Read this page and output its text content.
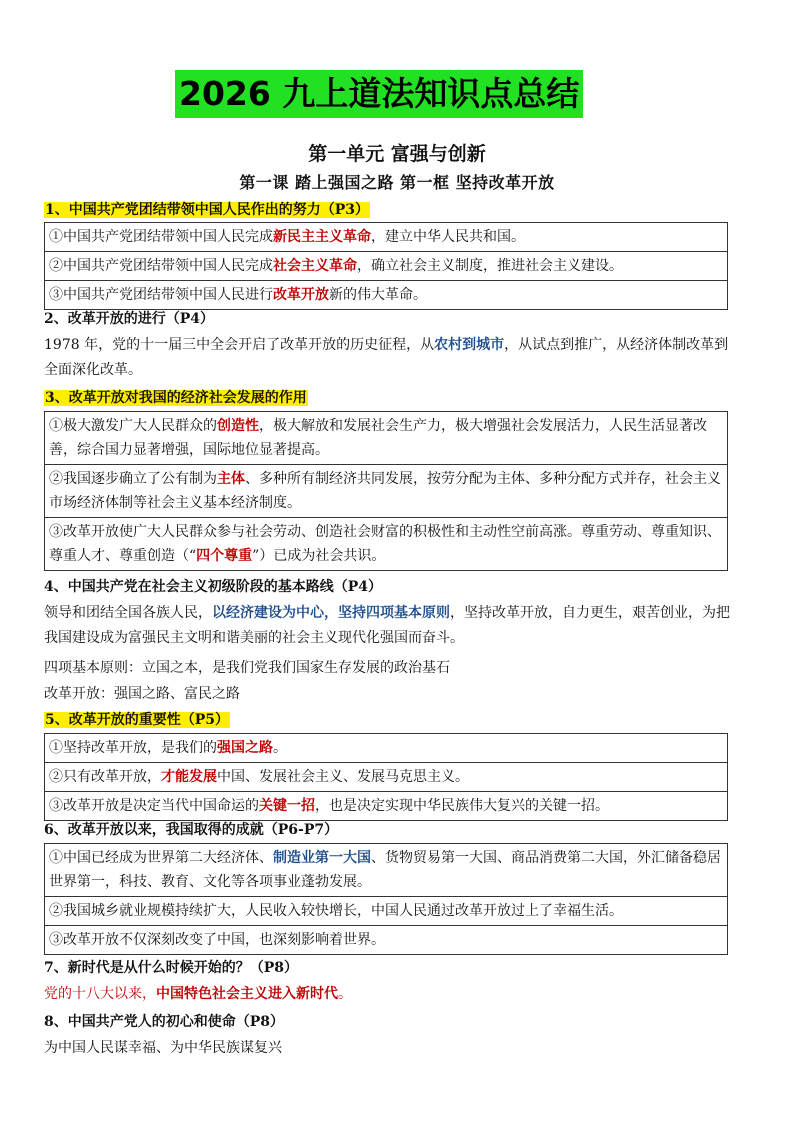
2026 九上道法知识点总结
第一单元 富强与创新
第一课 踏上强国之路 第一框 坚持改革开放
1、中国共产党团结带领中国人民作出的努力（P3）
①中国共产党团结带领中国人民完成新民主主义革命，建立中华人民共和国。
②中国共产党团结带领中国人民完成社会主义革命，确立社会主义制度，推进社会主义建设。
③中国共产党团结带领中国人民进行改革开放新的伟大革命。
2、改革开放的进行（P4）
1978 年，党的十一届三中全会开启了改革开放的历史征程，从农村到城市，从试点到推广，从经济体制改革到全面深化改革。
3、改革开放对我国的经济社会发展的作用
①极大激发广大人民群众的创造性，极大解放和发展社会生产力，极大增强社会发展活力，人民生活显著改善，综合国力显著增强，国际地位显著提高。
②我国逐步确立了公有制为主体、多种所有制经济共同发展，按劳分配为主体、多种分配方式并存，社会主义市场经济体制等社会主义基本经济制度。
③改革开放使广大人民群众参与社会劳动、创造社会财富的积极性和主动性空前高涨。尊重劳动、尊重知识、尊重人才、尊重创造（“四个尊重”）已成为社会共识。
4、中国共产党在社会主义初级阶段的基本路线（P4）
领导和团结全国各族人民，以经济建设为中心，坚持四项基本原则，坚持改革开放，自力更生，艰苦创业，为把我国建设成为富强民主文明和谐美丽的社会主义现代化强国而奋斗。
四项基本原则：立国之本，是我们党我们国家生存发展的政治基石
改革开放：强国之路、富民之路
5、改革开放的重要性（P5）
①坚持改革开放，是我们的强国之路。
②只有改革开放，才能发展中国、发展社会主义、发展马克思主义。
③改革开放是决定当代中国命运的关键一招，也是决定实现中华民族伟大复兴的关键一招。
6、改革开放以来，我国取得的成就（P6-P7）
①中国已经成为世界第二大经济体、制造业第一大国、货物贸易第一大国、商品消费第二大国，外汇储备稳居世界第一，科技、教育、文化等各项事业蓬勃发展。
②我国城乡就业规模持续扩大，人民收入较快增长，中国人民通过改革开放过上了幸福生活。
③改革开放不仅深刻改变了中国，也深刻影响着世界。
7、新时代是从什么时候开始的？（P8）
党的十八大以来，中国特色社会主义进入新时代。
8、中国共产党人的初心和使命（P8）
为中国人民谋幸福、为中华民族谋复兴
